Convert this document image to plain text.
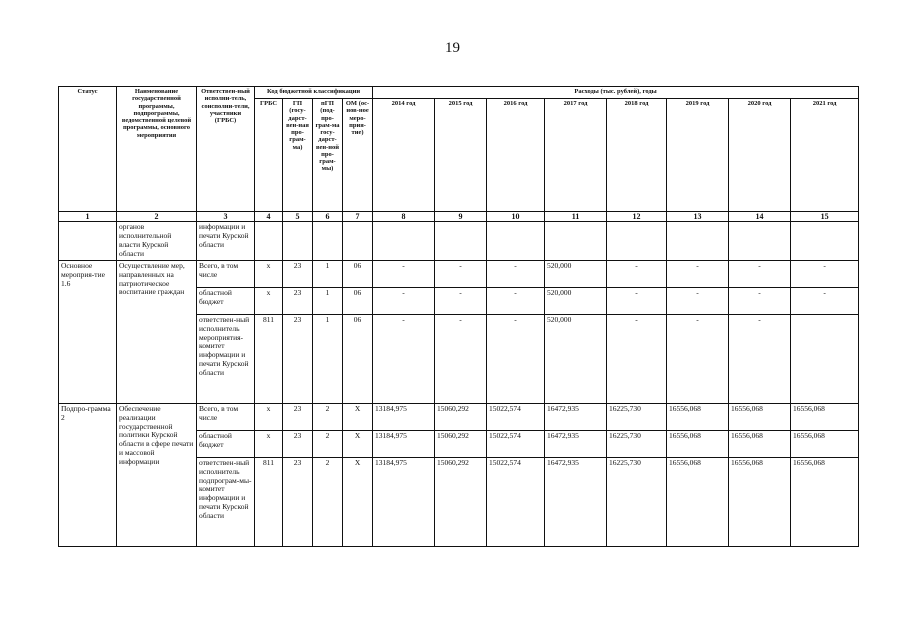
19
Статус	Наименование государственной программы, подпрограммы, ведомственной целевой программы, основного мероприятия	Ответствен-ный исполни-тель, соисполни-тели, участники (ГРБС)	Код бюджетной классификации				Расходы (тыс. рублей), годы							
			ГРБС	ГП (госу-дарст-вен-ная про-грам-ма)	пГП (под-про-грам-ма госу-дарст-вен-ной про-грам-мы)	ОМ (ос-нов-ное меро-прия-тие)	2014 год	2015 год	2016 год	2017 год	2018 год	2019 год	2020 год	2021 год
1	2	3	4	5	6	7	8	9	10	11	12	13	14	15
	органов исполнительной власти Курской области	информации и печати Курской области												
Основное мероприя-тие 1.6	Осуществление мер, направленных на патриотическое воспитание граждан	Всего, в том числе	х	23	1	06	-	-	-	520,000	-	-	-	-
		областной бюджет	х	23	1	06	-	-	-	520,000	-	-	-	-
		ответствен-ный исполнитель мероприятия-комитет информации и печати Курской области	811	23	1	06	-	-	-	520,000	-	-	-	
Подпро-грамма 2	Обеспечение реализации государственной политики Курской области в сфере печати и массовой информации	Всего, в том числе	х	23	2	Х	13184,975	15060,292	15022,574	16472,935	16225,730	16556,068	16556,068	16556,068
		областной бюджет	х	23	2	Х	13184,975	15060,292	15022,574	16472,935	16225,730	16556,068	16556,068	16556,068
		ответствен-ный исполнитель подпрограм-мы-комитет информации и печати Курской области	811	23	2	Х	13184,975	15060,292	15022,574	16472,935	16225,730	16556,068	16556,068	16556,068
